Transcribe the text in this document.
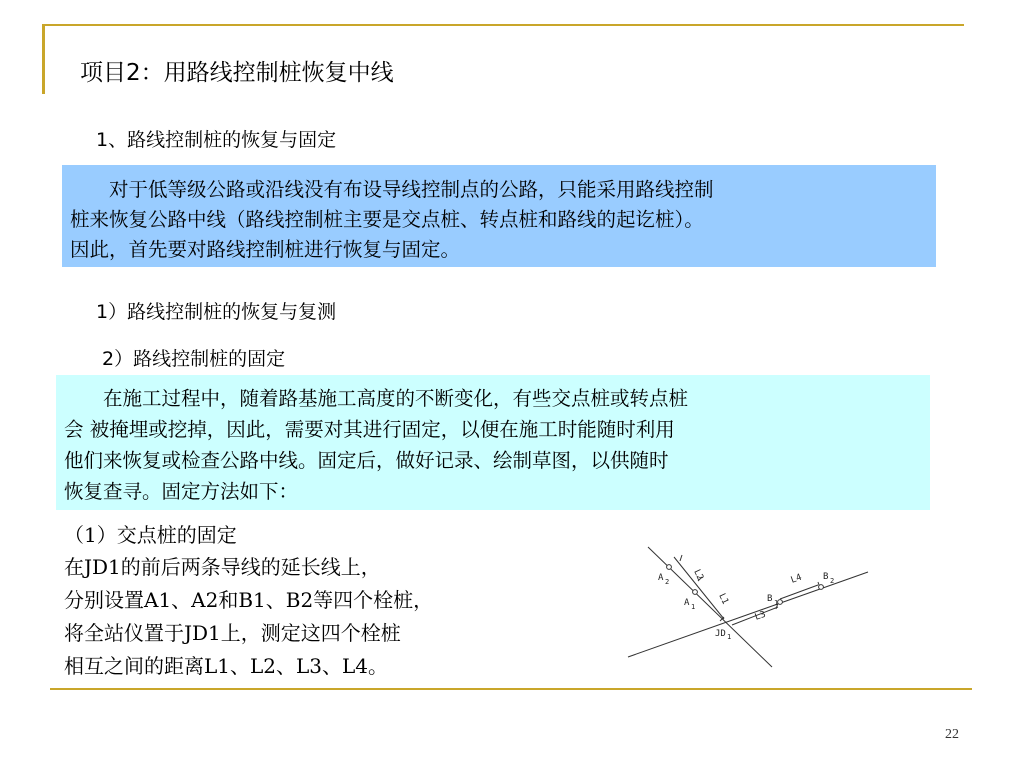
项目2：用路线控制桩恢复中线
1、路线控制桩的恢复与固定
　　对于低等级公路或沿线没有布设导线控制点的公路，只能采用路线控制
桩来恢复公路中线（路线控制桩主要是交点桩、转点桩和路线的起讫桩）。
因此，首先要对路线控制桩进行恢复与固定。
1）路线控制桩的恢复与复测
2）路线控制桩的固定
　　在施工过程中，随着路基施工高度的不断变化，有些交点桩或转点桩
会 被掩埋或挖掉，因此，需要对其进行固定，以便在施工时能随时利用
他们来恢复或检查公路中线。固定后，做好记录、绘制草图，以供随时
恢复查寻。固定方法如下：
（1）交点桩的固定
在JD1的前后两条导线的延长线上，
分别设置A1、A2和B1、B2等四个栓桩，
将全站仪置于JD1上，测定这四个栓桩
相互之间的距离L1、L2、L3、L4。
A 2
A 1
B 1
B 2
JD 1
L2
L1
L3
L4
22
